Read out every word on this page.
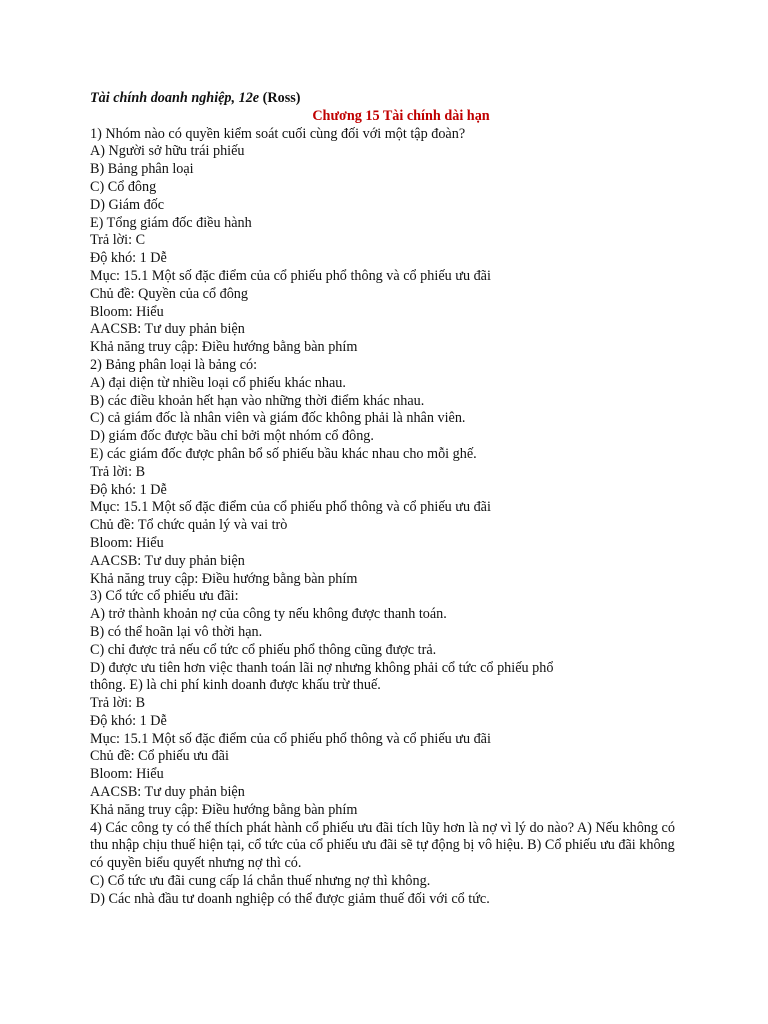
Tài chính doanh nghiệp, 12e (Ross)
Chương 15 Tài chính dài hạn
1) Nhóm nào có quyền kiểm soát cuối cùng đối với một tập đoàn?
A) Người sở hữu trái phiếu
B) Bảng phân loại
C) Cổ đông
D) Giám đốc
E) Tổng giám đốc điều hành
Trả lời: C
Độ khó: 1 Dễ
Mục: 15.1 Một số đặc điểm của cổ phiếu phổ thông và cổ phiếu ưu đãi
Chủ đề: Quyền của cổ đông
Bloom: Hiểu
AACSB: Tư duy phản biện
Khả năng truy cập: Điều hướng bằng bàn phím
2) Bảng phân loại là bảng có:
A) đại diện từ nhiều loại cổ phiếu khác nhau.
B) các điều khoản hết hạn vào những thời điểm khác nhau.
C) cả giám đốc là nhân viên và giám đốc không phải là nhân viên.
D) giám đốc được bầu chỉ bởi một nhóm cổ đông.
E) các giám đốc được phân bổ số phiếu bầu khác nhau cho mỗi ghế.
Trả lời: B
Độ khó: 1 Dễ
Mục: 15.1 Một số đặc điểm của cổ phiếu phổ thông và cổ phiếu ưu đãi
Chủ đề: Tổ chức quản lý và vai trò
Bloom: Hiểu
AACSB: Tư duy phản biện
Khả năng truy cập: Điều hướng bằng bàn phím
3) Cổ tức cổ phiếu ưu đãi:
A) trở thành khoản nợ của công ty nếu không được thanh toán.
B) có thể hoãn lại vô thời hạn.
C) chỉ được trả nếu cổ tức cổ phiếu phổ thông cũng được trả.
D) được ưu tiên hơn việc thanh toán lãi nợ nhưng không phải cổ tức cổ phiếu phổ
thông. E) là chi phí kinh doanh được khấu trừ thuế.
Trả lời: B
Độ khó: 1 Dễ
Mục: 15.1 Một số đặc điểm của cổ phiếu phổ thông và cổ phiếu ưu đãi
Chủ đề: Cổ phiếu ưu đãi
Bloom: Hiểu
AACSB: Tư duy phản biện
Khả năng truy cập: Điều hướng bằng bàn phím
4) Các công ty có thể thích phát hành cổ phiếu ưu đãi tích lũy hơn là nợ vì lý do nào? A) Nếu không có thu nhập chịu thuế hiện tại, cổ tức của cổ phiếu ưu đãi sẽ tự động bị vô hiệu. B) Cổ phiếu ưu đãi không có quyền biểu quyết nhưng nợ thì có.
C) Cổ tức ưu đãi cung cấp lá chắn thuế nhưng nợ thì không.
D) Các nhà đầu tư doanh nghiệp có thể được giảm thuế đối với cổ tức.
